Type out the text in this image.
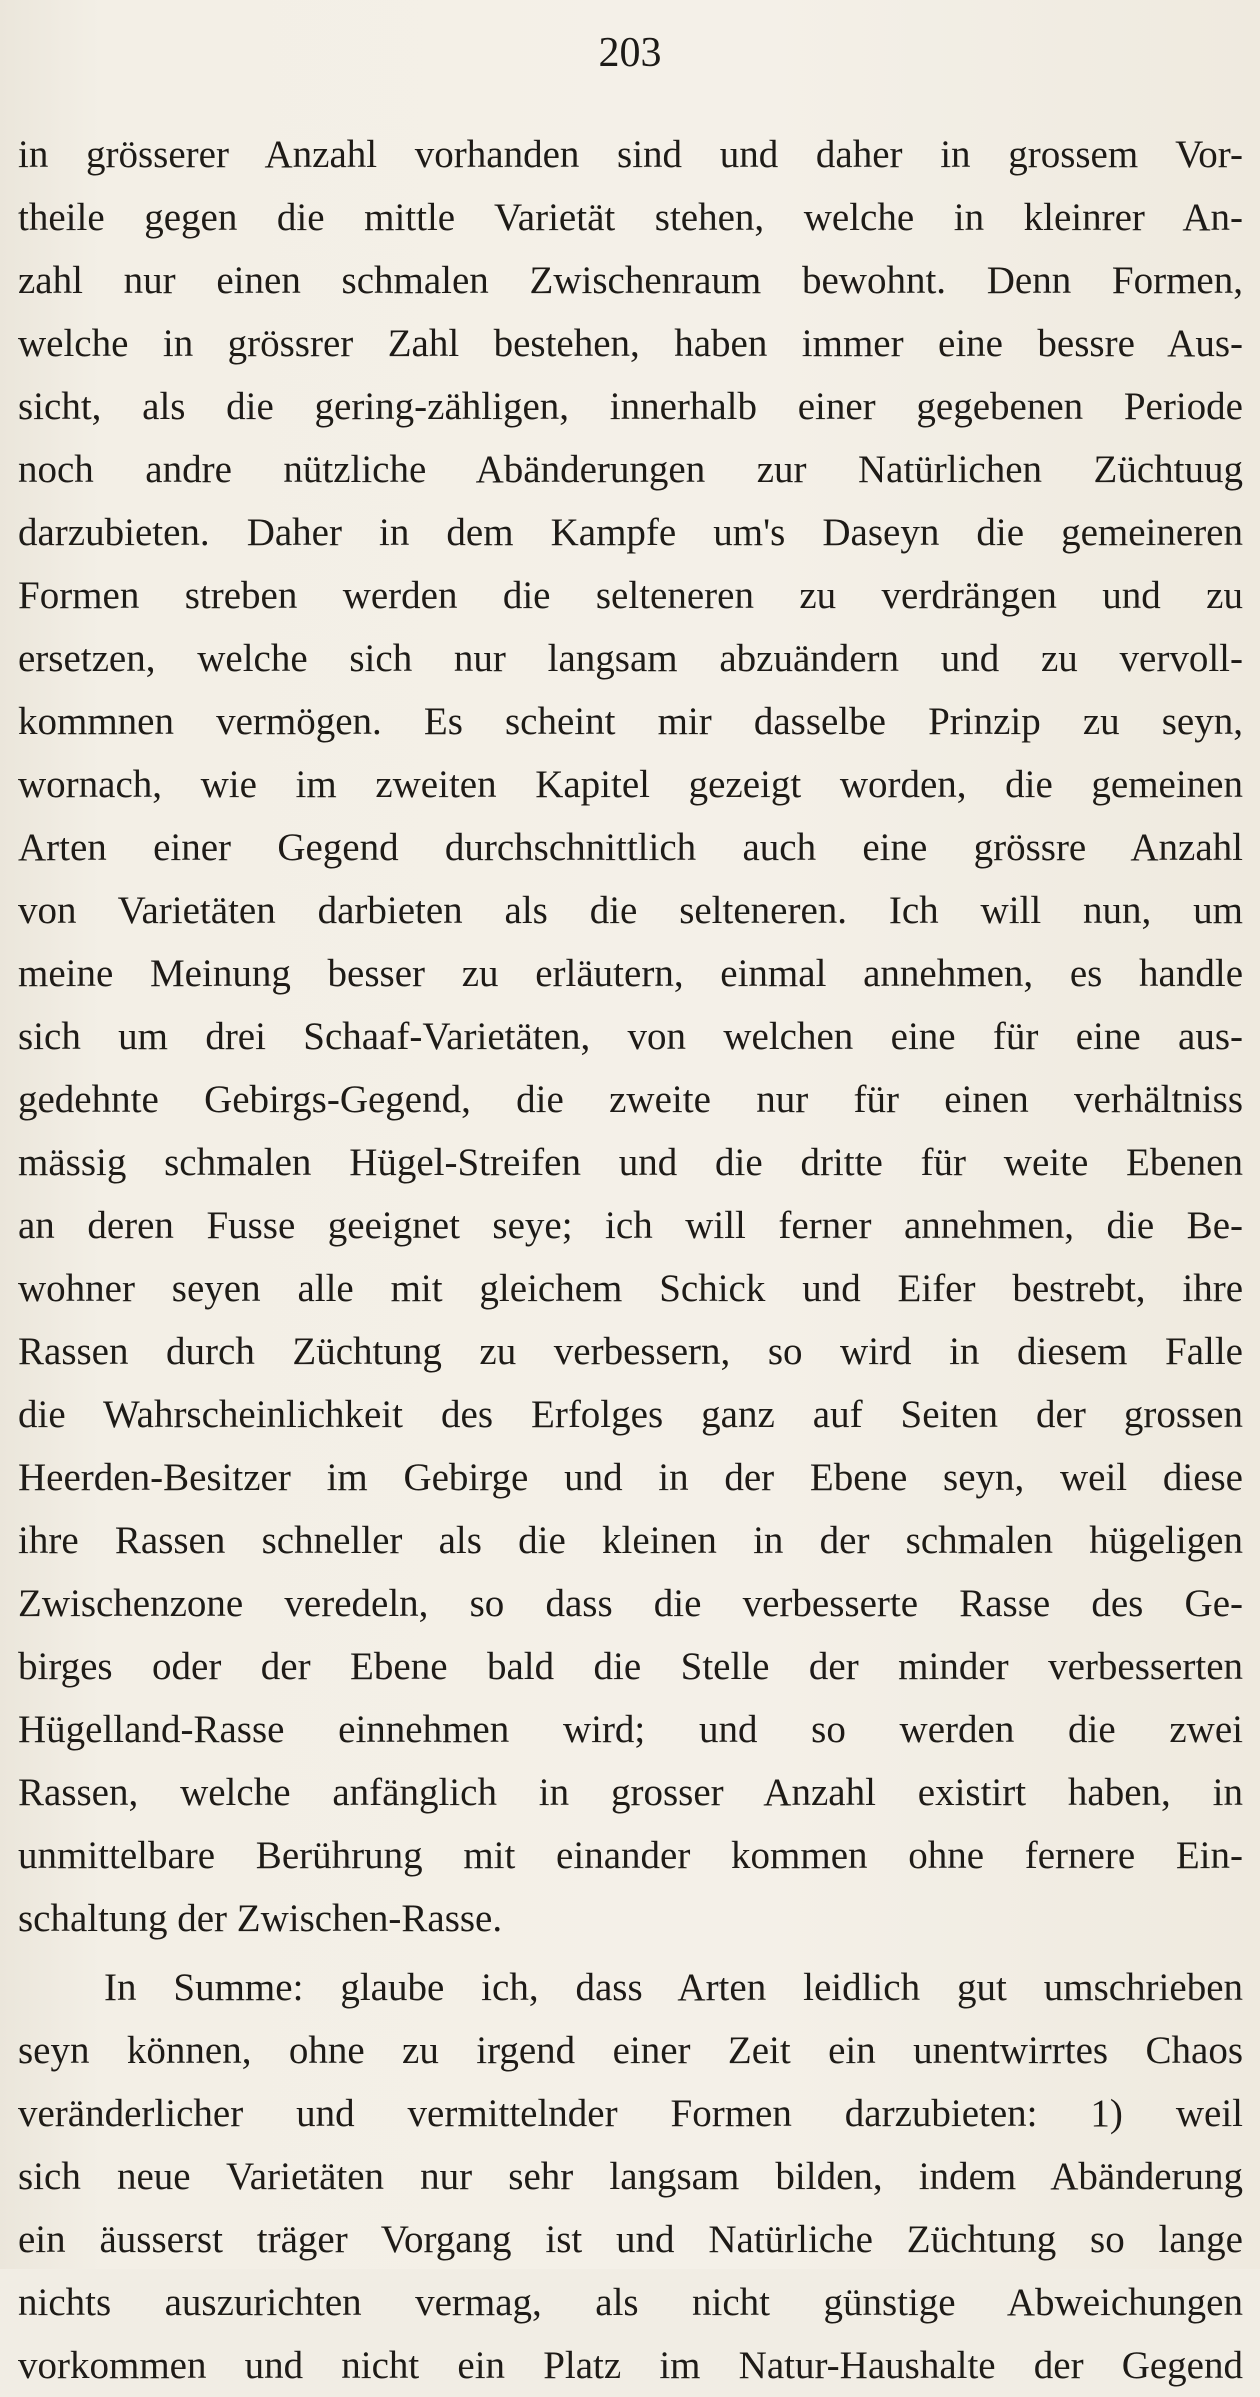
203
in grösserer Anzahl vorhanden sind und daher in grossem Vor-
theile gegen die mittle Varietät stehen, welche in kleinrer An-
zahl nur einen schmalen Zwischenraum bewohnt. Denn Formen,
welche in grössrer Zahl bestehen, haben immer eine bessre Aus-
sicht, als die gering-zähligen, innerhalb einer gegebenen Periode
noch andre nützliche Abänderungen zur Natürlichen Züchtuug
darzubieten. Daher in dem Kampfe um's Daseyn die gemeineren
Formen streben werden die selteneren zu verdrängen und zu
ersetzen, welche sich nur langsam abzuändern und zu vervoll-
kommnen vermögen. Es scheint mir dasselbe Prinzip zu seyn,
wornach, wie im zweiten Kapitel gezeigt worden, die gemeinen
Arten einer Gegend durchschnittlich auch eine grössre Anzahl
von Varietäten darbieten als die selteneren. Ich will nun, um
meine Meinung besser zu erläutern, einmal annehmen, es handle
sich um drei Schaaf-Varietäten, von welchen eine für eine aus-
gedehnte Gebirgs-Gegend, die zweite nur für einen verhältniss
mässig schmalen Hügel-Streifen und die dritte für weite Ebenen
an deren Fusse geeignet seye; ich will ferner annehmen, die Be-
wohner seyen alle mit gleichem Schick und Eifer bestrebt, ihre
Rassen durch Züchtung zu verbessern, so wird in diesem Falle
die Wahrscheinlichkeit des Erfolges ganz auf Seiten der grossen
Heerden-Besitzer im Gebirge und in der Ebene seyn, weil diese
ihre Rassen schneller als die kleinen in der schmalen hügeligen
Zwischenzone veredeln, so dass die verbesserte Rasse des Ge-
birges oder der Ebene bald die Stelle der minder verbesserten
Hügelland-Rasse einnehmen wird; und so werden die zwei
Rassen, welche anfänglich in grosser Anzahl existirt haben, in
unmittelbare Berührung mit einander kommen ohne fernere Ein-
schaltung der Zwischen-Rasse.
In Summe: glaube ich, dass Arten leidlich gut umschrieben
seyn können, ohne zu irgend einer Zeit ein unentwirrtes Chaos
veränderlicher und vermittelnder Formen darzubieten: 1) weil
sich neue Varietäten nur sehr langsam bilden, indem Abänderung
ein äusserst träger Vorgang ist und Natürliche Züchtung so lange
nichts auszurichten vermag, als nicht günstige Abweichungen
vorkommen und nicht ein Platz im Natur-Haushalte der Gegend
